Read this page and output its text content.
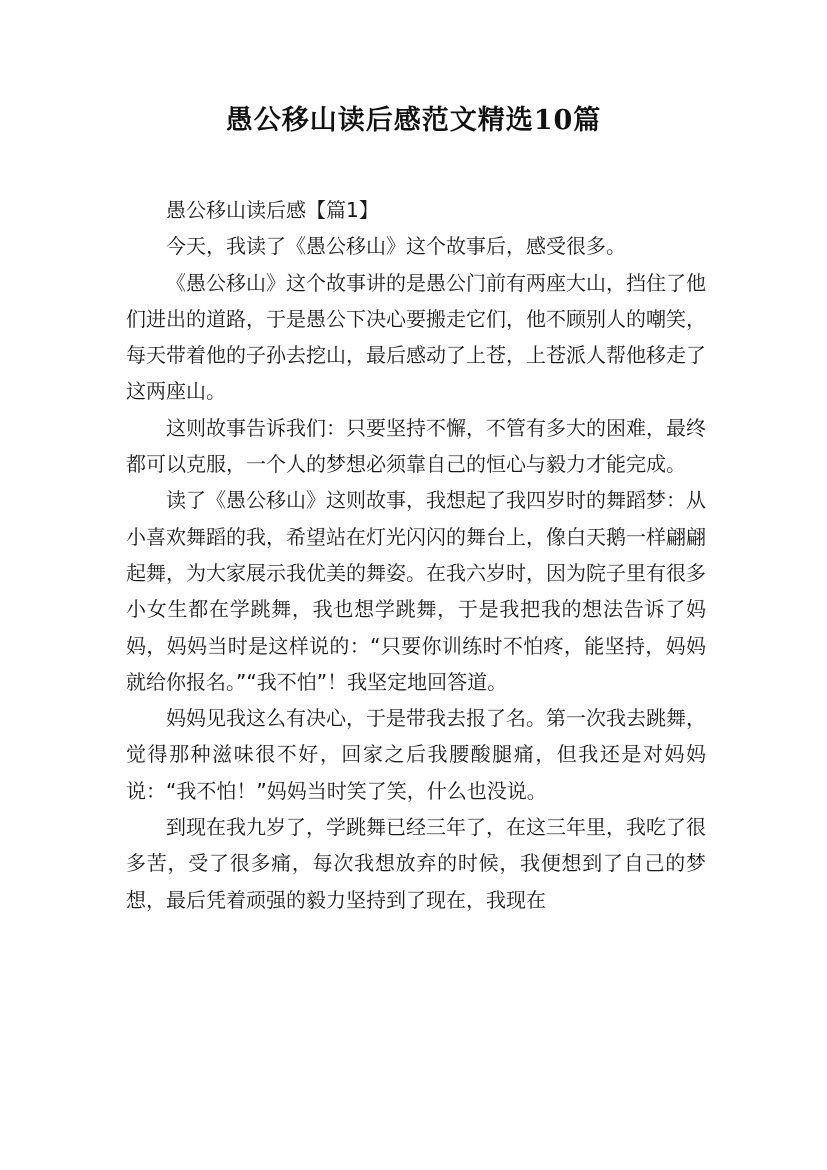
愚公移山读后感范文精选10篇

愚公移山读后感【篇1】

今天，我读了《愚公移山》这个故事后，感受很多。

《愚公移山》这个故事讲的是愚公门前有两座大山，挡住了他们进出的道路，于是愚公下决心要搬走它们，他不顾别人的嘲笑，每天带着他的子孙去挖山，最后感动了上苍，上苍派人帮他移走了这两座山。

这则故事告诉我们：只要坚持不懈，不管有多大的困难，最终都可以克服，一个人的梦想必须靠自己的恒心与毅力才能完成。

读了《愚公移山》这则故事，我想起了我四岁时的舞蹈梦：从小喜欢舞蹈的我，希望站在灯光闪闪的舞台上，像白天鹅一样翩翩起舞，为大家展示我优美的舞姿。在我六岁时，因为院子里有很多小女生都在学跳舞，我也想学跳舞，于是我把我的想法告诉了妈妈，妈妈当时是这样说的：“只要你训练时不怕疼，能坚持，妈妈就给你报名。”“我不怕”！我坚定地回答道。

妈妈见我这么有决心，于是带我去报了名。第一次我去跳舞，觉得那种滋味很不好，回家之后我腰酸腿痛，但我还是对妈妈说：“我不怕！”妈妈当时笑了笑，什么也没说。

到现在我九岁了，学跳舞已经三年了，在这三年里，我吃了很多苦，受了很多痛，每次我想放弃的时候，我便想到了自己的梦想，最后凭着顽强的毅力坚持到了现在，我现在
